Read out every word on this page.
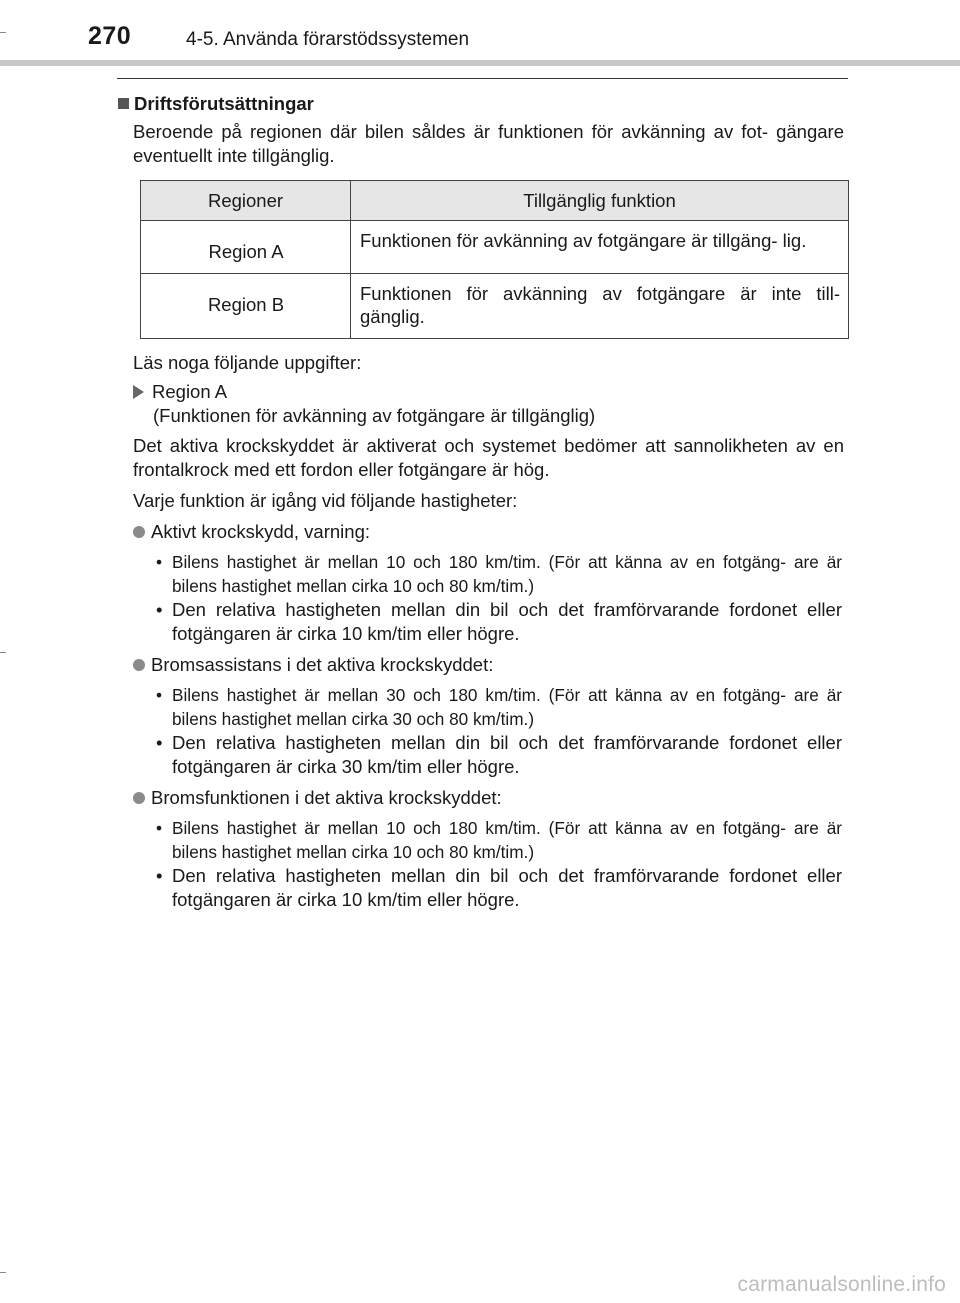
270	4-5. Använda förarstödssystemen
Driftsförutsättningar
Beroende på regionen där bilen såldes är funktionen för avkänning av fot- gängare eventuellt inte tillgänglig.
Regioner	Tillgänglig funktion
Region A	Funktionen för avkänning av fotgängare är tillgäng- lig.
Region B	Funktionen för avkänning av fotgängare är inte till- gänglig.
Läs noga följande uppgifter:
Region A
(Funktionen för avkänning av fotgängare är tillgänglig)
Det aktiva krockskyddet är aktiverat och systemet bedömer att sannolikheten av en frontalkrock med ett fordon eller fotgängare är hög.
Varje funktion är igång vid följande hastigheter:
Aktivt krockskydd, varning:
• Bilens hastighet är mellan 10 och 180 km/tim. (För att känna av en fotgäng- are är bilens hastighet mellan cirka 10 och 80 km/tim.)
• Den relativa hastigheten mellan din bil och det framförvarande fordonet eller fotgängaren är cirka 10 km/tim eller högre.
Bromsassistans i det aktiva krockskyddet:
• Bilens hastighet är mellan 30 och 180 km/tim. (För att känna av en fotgäng- are är bilens hastighet mellan cirka 30 och 80 km/tim.)
• Den relativa hastigheten mellan din bil och det framförvarande fordonet eller fotgängaren är cirka 30 km/tim eller högre.
Bromsfunktionen i det aktiva krockskyddet:
• Bilens hastighet är mellan 10 och 180 km/tim. (För att känna av en fotgäng- are är bilens hastighet mellan cirka 10 och 80 km/tim.)
• Den relativa hastigheten mellan din bil och det framförvarande fordonet eller fotgängaren är cirka 10 km/tim eller högre.
carmanualsonline.info
